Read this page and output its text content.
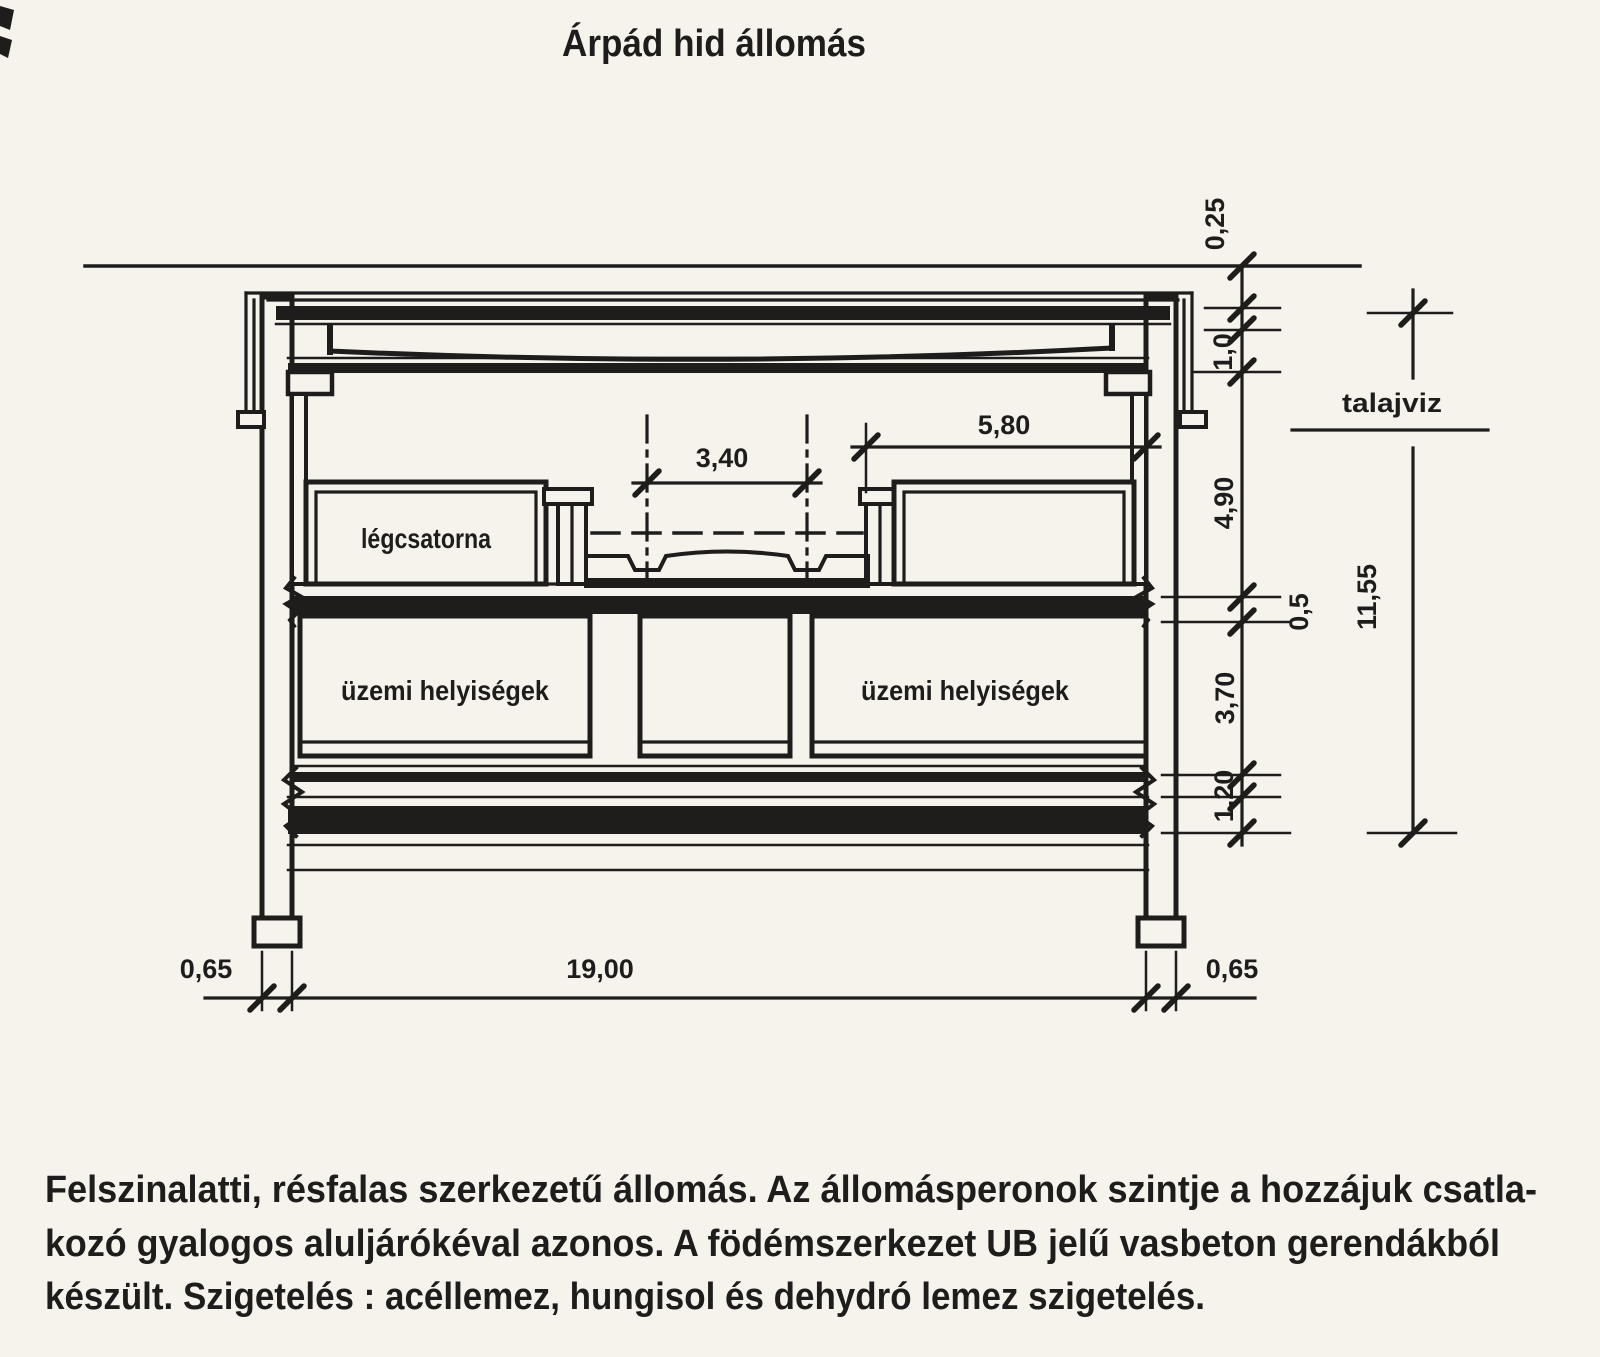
Árpád hid állomás
légcsatorna
3,40
5,80
üzemi helyiségek	üzemi helyiségek
0,25
1,0
4,90
0,5
3,70
1,20
11,55
talajviz
0,65	19,00	0,65
Felszinalatti, résfalas szerkezetű állomás. Az állomásperonok szintje a hozzájuk csatla-
kozó gyalogos aluljárókéval azonos. A födémszerkezet UB jelű vasbeton gerendákból
készült. Szigetelés : acéllemez, hungisol és dehydró lemez szigetelés.
